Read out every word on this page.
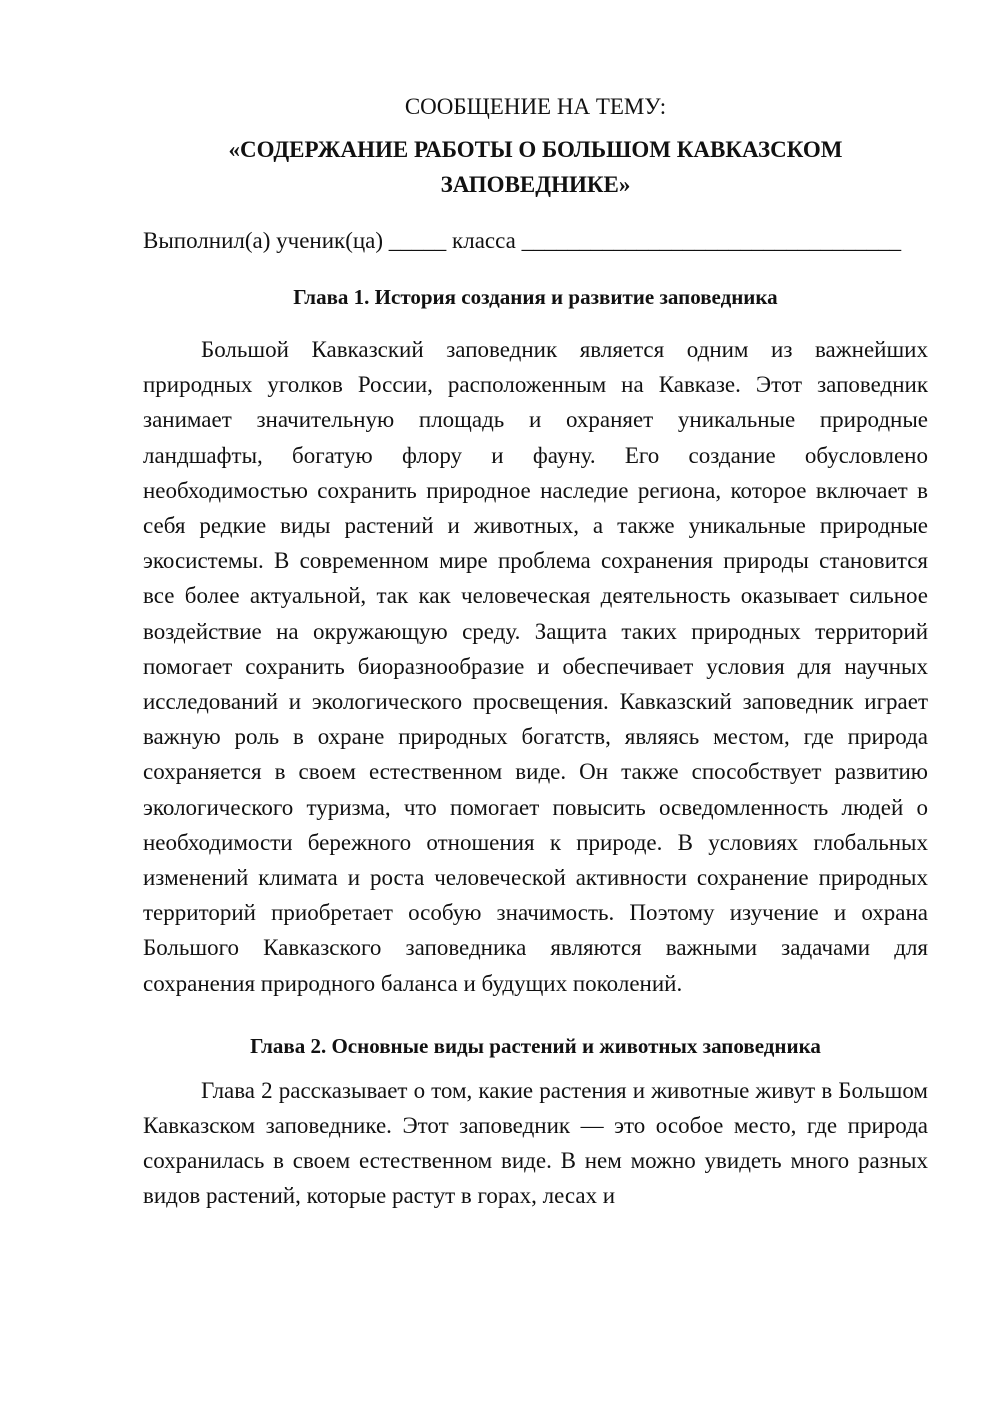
СООБЩЕНИЕ НА ТЕМУ:

«СОДЕРЖАНИЕ РАБОТЫ О БОЛЬШОМ КАВКАЗСКОМ ЗАПОВЕДНИКЕ»

Выполнил(а) ученик(ца) _____ класса _________________________________

Глава 1. История создания и развитие заповедника

Большой Кавказский заповедник является одним из важнейших природных уголков России, расположенным на Кавказе. Этот заповедник занимает значительную площадь и охраняет уникальные природные ландшафты, богатую флору и фауну. Его создание обусловлено необходимостью сохранить природное наследие региона, которое включает в себя редкие виды растений и животных, а также уникальные природные экосистемы. В современном мире проблема сохранения природы становится все более актуальной, так как человеческая деятельность оказывает сильное воздействие на окружающую среду. Защита таких природных территорий помогает сохранить биоразнообразие и обеспечивает условия для научных исследований и экологического просвещения. Кавказский заповедник играет важную роль в охране природных богатств, являясь местом, где природа сохраняется в своем естественном виде. Он также способствует развитию экологического туризма, что помогает повысить осведомленность людей о необходимости бережного отношения к природе. В условиях глобальных изменений климата и роста человеческой активности сохранение природных территорий приобретает особую значимость. Поэтому изучение и охрана Большого Кавказского заповедника являются важными задачами для сохранения природного баланса и будущих поколений.

Глава 2. Основные виды растений и животных заповедника

Глава 2 рассказывает о том, какие растения и животные живут в Большом Кавказском заповеднике. Этот заповедник — это особое место, где природа сохранилась в своем естественном виде. В нем можно увидеть много разных видов растений, которые растут в горах, лесах и
